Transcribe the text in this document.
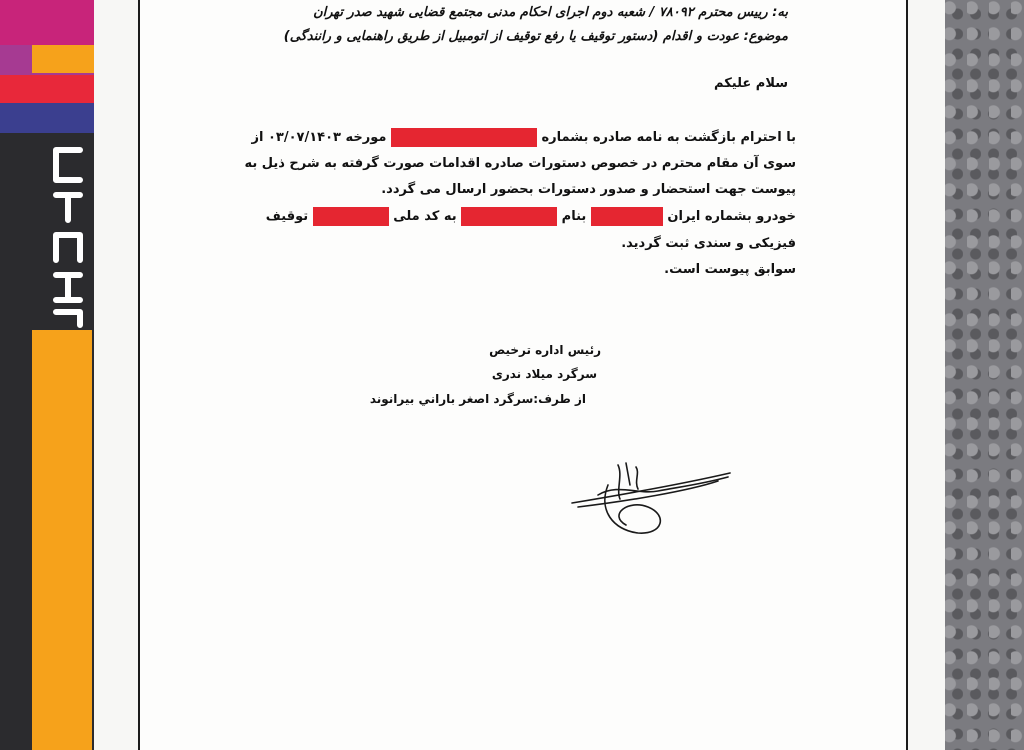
به: رییس محترم ۷۸۰۹۲ / شعبه دوم اجرای احکام مدنی مجتمع قضایی شهید صدر تهران
موضوع: عودت و اقدام (دستور توقیف یا رفع توقیف از اتومبیل از طریق راهنمایی و رانندگی)
سلام علیکم
با احترام بازگشت به نامه صادره بشماره  مورخه ۰۳/۰۷/۱۴۰۳ از
سوی آن مقام محترم در خصوص دستورات صادره اقدامات صورت گرفته به شرح ذیل به
پیوست جهت استحضار و صدور دستورات بحضور ارسال می گردد.
خودرو بشماره ایران  بنام  به کد ملی  توقیف
فیزیکی و سندی ثبت گردید.
سوابق پیوست است.
رئیس اداره ترخیص
سرگرد میلاد ندری
از طرف:سرگرد اصغر باراني بيرانوند
